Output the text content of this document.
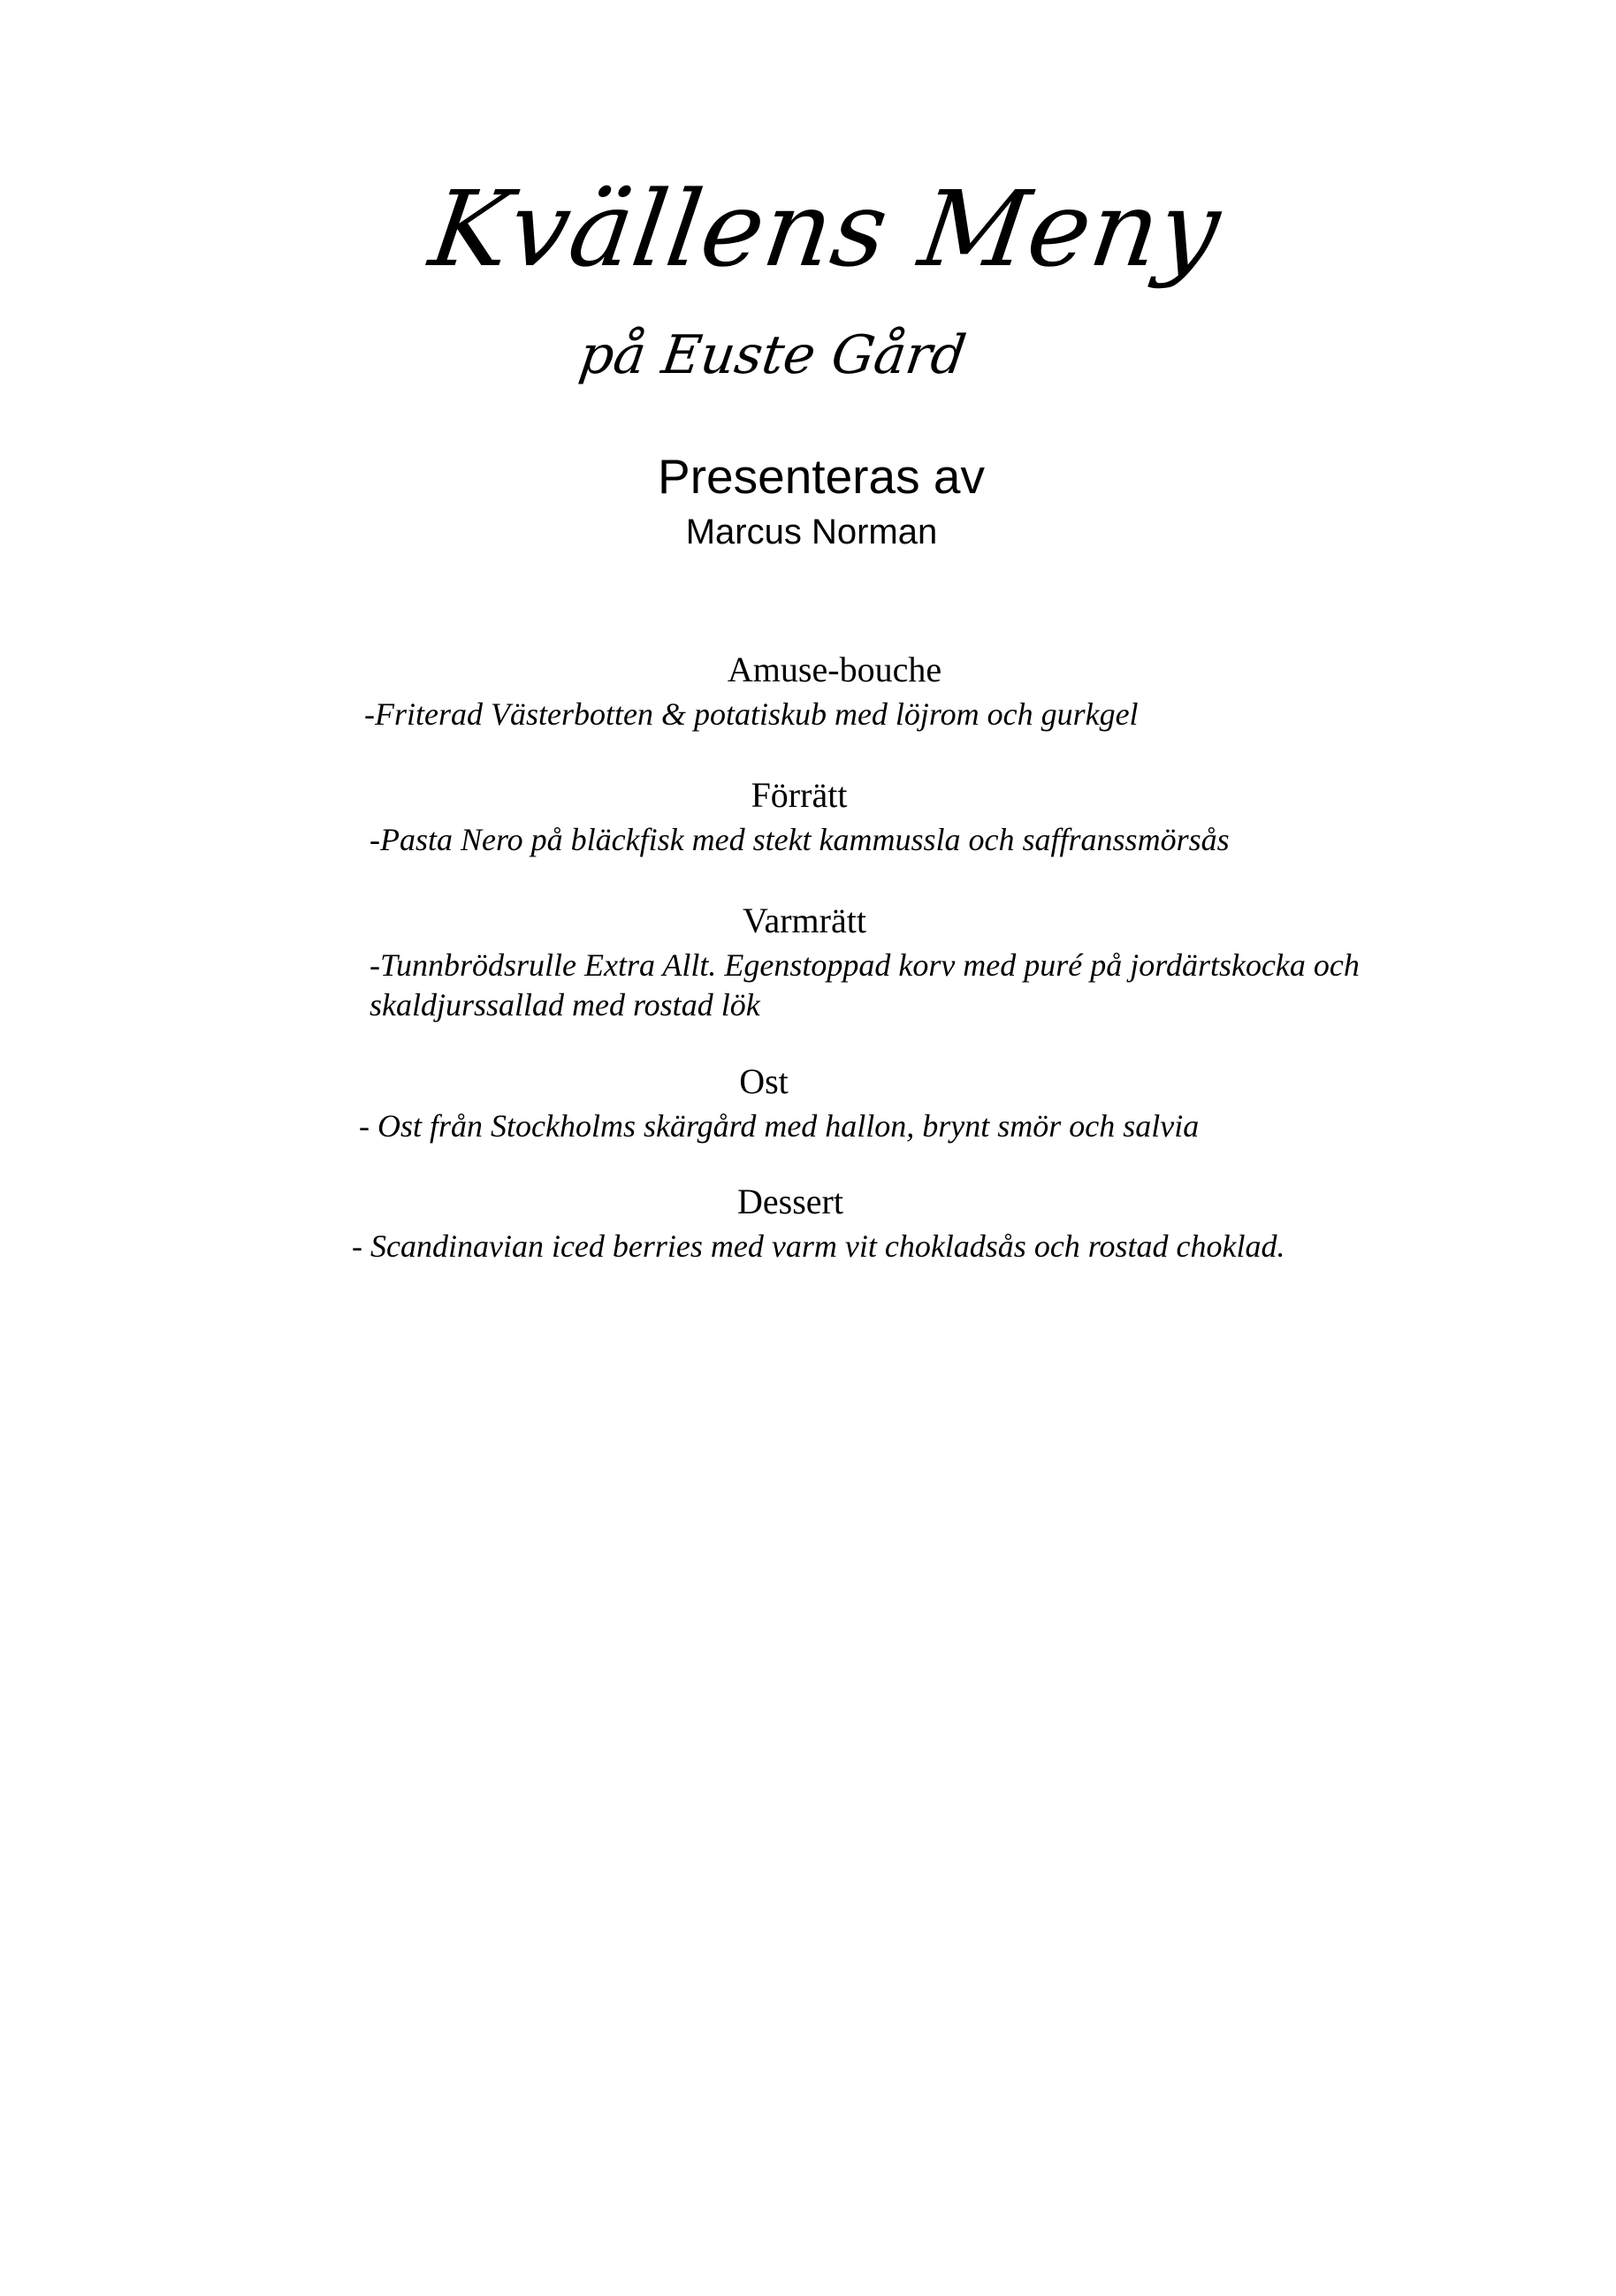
Kvällens Meny
på Euste Gård
Presenteras av
Marcus Norman
Amuse-bouche
-Friterad Västerbotten & potatiskub med löjrom och gurkgel
Förrätt
-Pasta Nero på bläckfisk med stekt kammussla och saffranssmörsås
Varmrätt
-Tunnbrödsrulle Extra Allt. Egenstoppad korv med puré på jordärtskocka och skaldjurssallad med rostad lök
Ost
- Ost från Stockholms skärgård med hallon, brynt smör och salvia
Dessert
- Scandinavian iced berries med varm vit chokladsås och rostad choklad.
